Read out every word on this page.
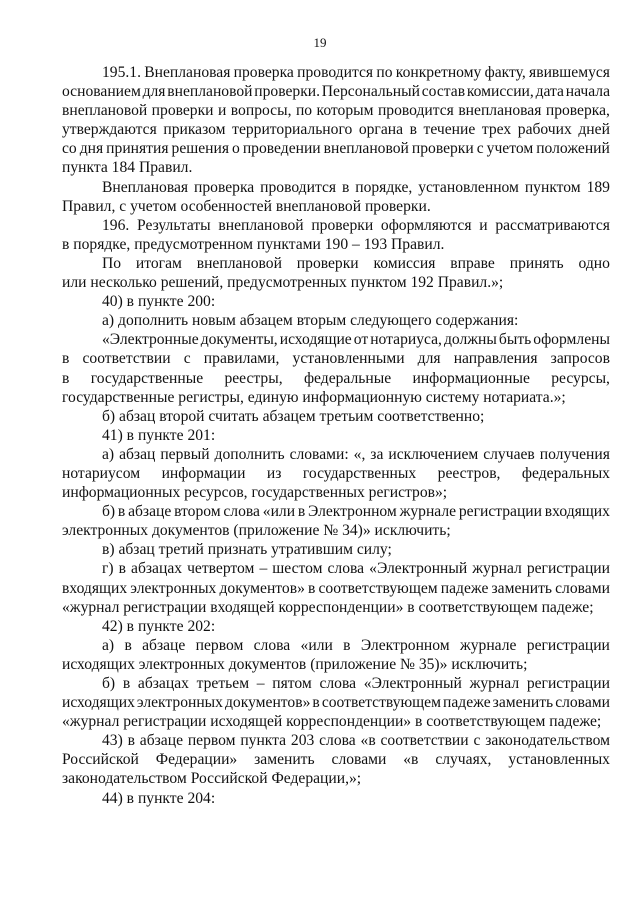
19
195.1. Внеплановая проверка проводится по конкретному факту, явившемуся
основанием для внеплановой проверки. Персональный состав комиссии, дата начала
внеплановой проверки и вопросы, по которым проводится внеплановая проверка,
утверждаются приказом территориального органа в течение трех рабочих дней
со дня принятия решения о проведении внеплановой проверки с учетом положений
пункта 184 Правил.
Внеплановая проверка проводится в порядке, установленном пунктом 189
Правил, с учетом особенностей внеплановой проверки.
196. Результаты внеплановой проверки оформляются и рассматриваются
в порядке, предусмотренном пунктами 190 – 193 Правил.
По итогам внеплановой проверки комиссия вправе принять одно
или несколько решений, предусмотренных пунктом 192 Правил.»;
40) в пункте 200:
а) дополнить новым абзацем вторым следующего содержания:
«Электронные документы, исходящие от нотариуса, должны быть оформлены
в соответствии с правилами, установленными для направления запросов
в государственные реестры, федеральные информационные ресурсы,
государственные регистры, единую информационную систему нотариата.»;
б) абзац второй считать абзацем третьим соответственно;
41) в пункте 201:
а) абзац первый дополнить словами: «, за исключением случаев получения
нотариусом информации из государственных реестров, федеральных
информационных ресурсов, государственных регистров»;
б) в абзаце втором слова «или в Электронном журнале регистрации входящих
электронных документов (приложение № 34)» исключить;
в) абзац третий признать утратившим силу;
г) в абзацах четвертом – шестом слова «Электронный журнал регистрации
входящих электронных документов» в соответствующем падеже заменить словами
«журнал регистрации входящей корреспонденции» в соответствующем падеже;
42) в пункте 202:
а) в абзаце первом слова «или в Электронном журнале регистрации
исходящих электронных документов (приложение № 35)» исключить;
б) в абзацах третьем – пятом слова «Электронный журнал регистрации
исходящих электронных документов» в соответствующем падеже заменить словами
«журнал регистрации исходящей корреспонденции» в соответствующем падеже;
43) в абзаце первом пункта 203 слова «в соответствии с законодательством
Российской Федерации» заменить словами «в случаях, установленных
законодательством Российской Федерации,»;
44) в пункте 204:
